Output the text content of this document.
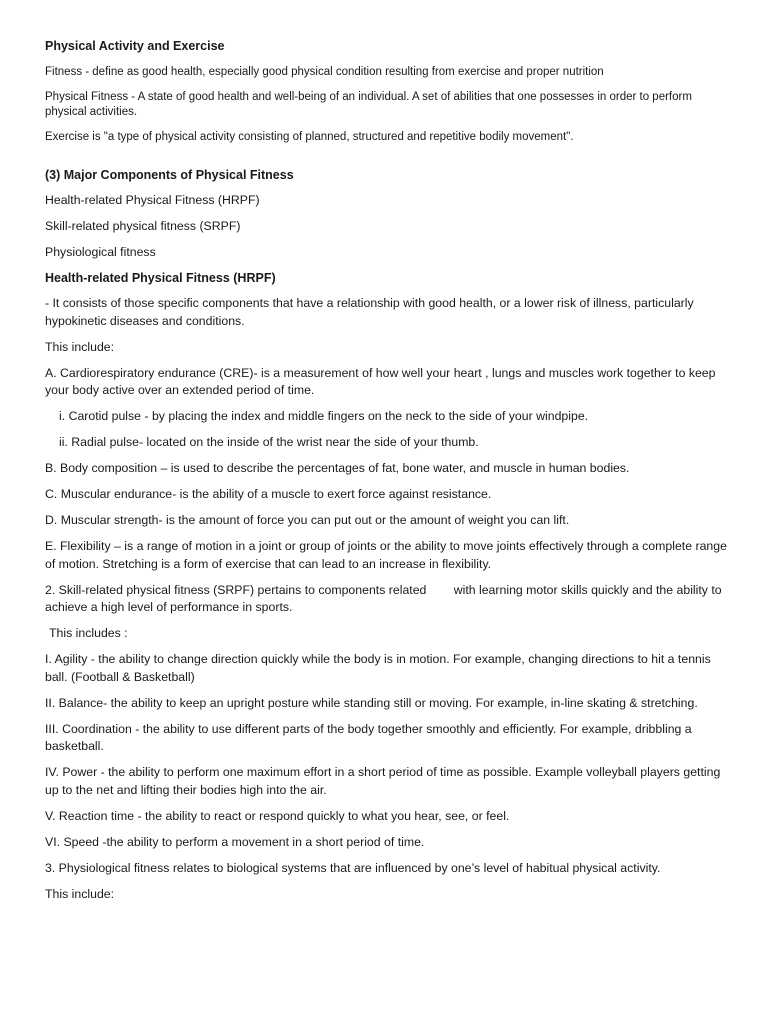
Physical Activity and Exercise
Fitness - define as good health, especially good physical condition resulting from exercise and proper nutrition
Physical Fitness - A state of good health and well-being of an individual. A set of abilities that one possesses in order to perform physical activities.
Exercise is "a type of physical activity consisting of planned, structured and repetitive bodily movement".
(3) Major Components of Physical Fitness
Health-related Physical Fitness (HRPF)
Skill-related physical fitness (SRPF)
Physiological fitness
Health-related Physical Fitness (HRPF)
- It consists of those specific components that have a relationship with good health, or a lower risk of illness, particularly hypokinetic diseases and conditions.
This include:
A. Cardiorespiratory endurance (CRE)- is a measurement of how well your heart , lungs and muscles work together to keep your body active over an extended period of time.
i. Carotid pulse - by placing the index and middle fingers on the neck to the side of your windpipe.
ii. Radial pulse- located on the inside of the wrist near the side of your thumb.
B. Body composition – is used to describe the percentages of fat, bone water, and muscle in human bodies.
C. Muscular endurance- is the ability of a muscle to exert force against resistance.
D. Muscular strength- is the amount of force you can put out or the amount of weight you can lift.
E. Flexibility – is a range of motion in a joint or group of joints or the ability to move joints effectively through a complete range of motion. Stretching is a form of exercise that can lead to an increase in flexibility.
2. Skill-related physical fitness (SRPF) pertains to components related        with learning motor skills quickly and the ability to achieve a high level of performance in sports.
This includes :
I. Agility - the ability to change direction quickly while the body is in motion. For example, changing directions to hit a tennis ball. (Football & Basketball)
II. Balance- the ability to keep an upright posture while standing still or moving. For example, in-line skating & stretching.
III. Coordination - the ability to use different parts of the body together smoothly and efficiently. For example, dribbling a basketball.
IV. Power - the ability to perform one maximum effort in a short period of time as possible. Example volleyball players getting up to the net and lifting their bodies high into the air.
V. Reaction time - the ability to react or respond quickly to what you hear, see, or feel.
VI. Speed -the ability to perform a movement in a short period of time.
3. Physiological fitness relates to biological systems that are influenced by one’s level of habitual physical activity.
This include:
